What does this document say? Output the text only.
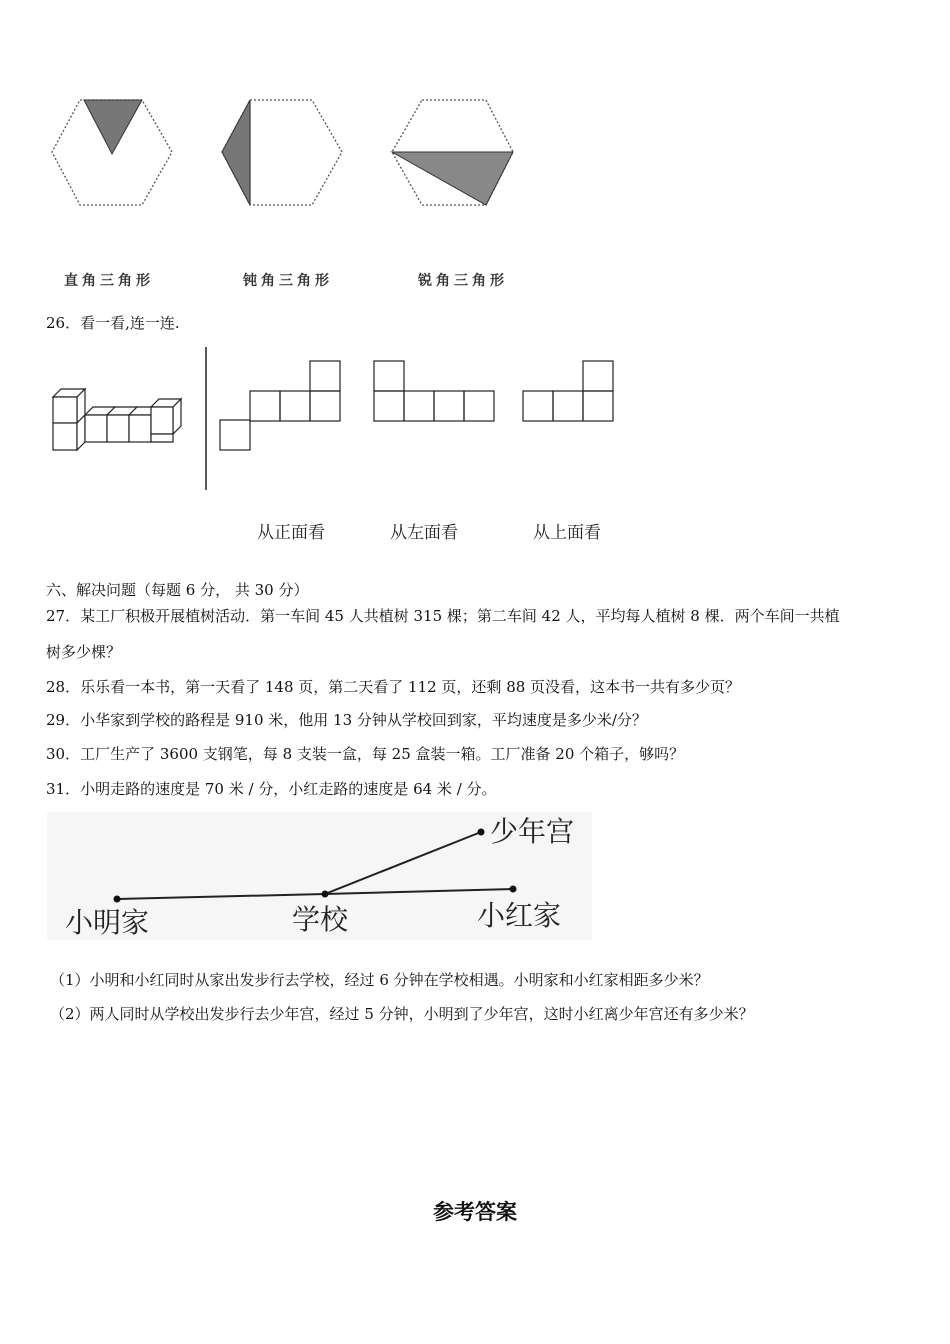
直角三角形	钝角三角形	锐角三角形
26．看一看,连一连.
从正面看	从左面看	从上面看
六、解决问题（每题 6 分， 共 30 分）
27．某工厂积极开展植树活动．第一车间 45 人共植树 315 棵；第二车间 42 人，平均每人植树 8 棵．两个车间一共植
树多少棵？
28．乐乐看一本书，第一天看了 148 页，第二天看了 112 页，还剩 88 页没看，这本书一共有多少页？
29．小华家到学校的路程是 910 米，他用 13 分钟从学校回到家，平均速度是多少米/分？
30．工厂生产了 3600 支钢笔，每 8 支装一盒，每 25 盒装一箱。工厂准备 20 个箱子，够吗？
31．小明走路的速度是 70 米 / 分，小红走路的速度是 64 米 / 分。
少年宫
小明家	学校	小红家
（1）小明和小红同时从家出发步行去学校，经过 6 分钟在学校相遇。小明家和小红家相距多少米？
（2）两人同时从学校出发步行去少年宫，经过 5 分钟，小明到了少年宫，这时小红离少年宫还有多少米？
参考答案
